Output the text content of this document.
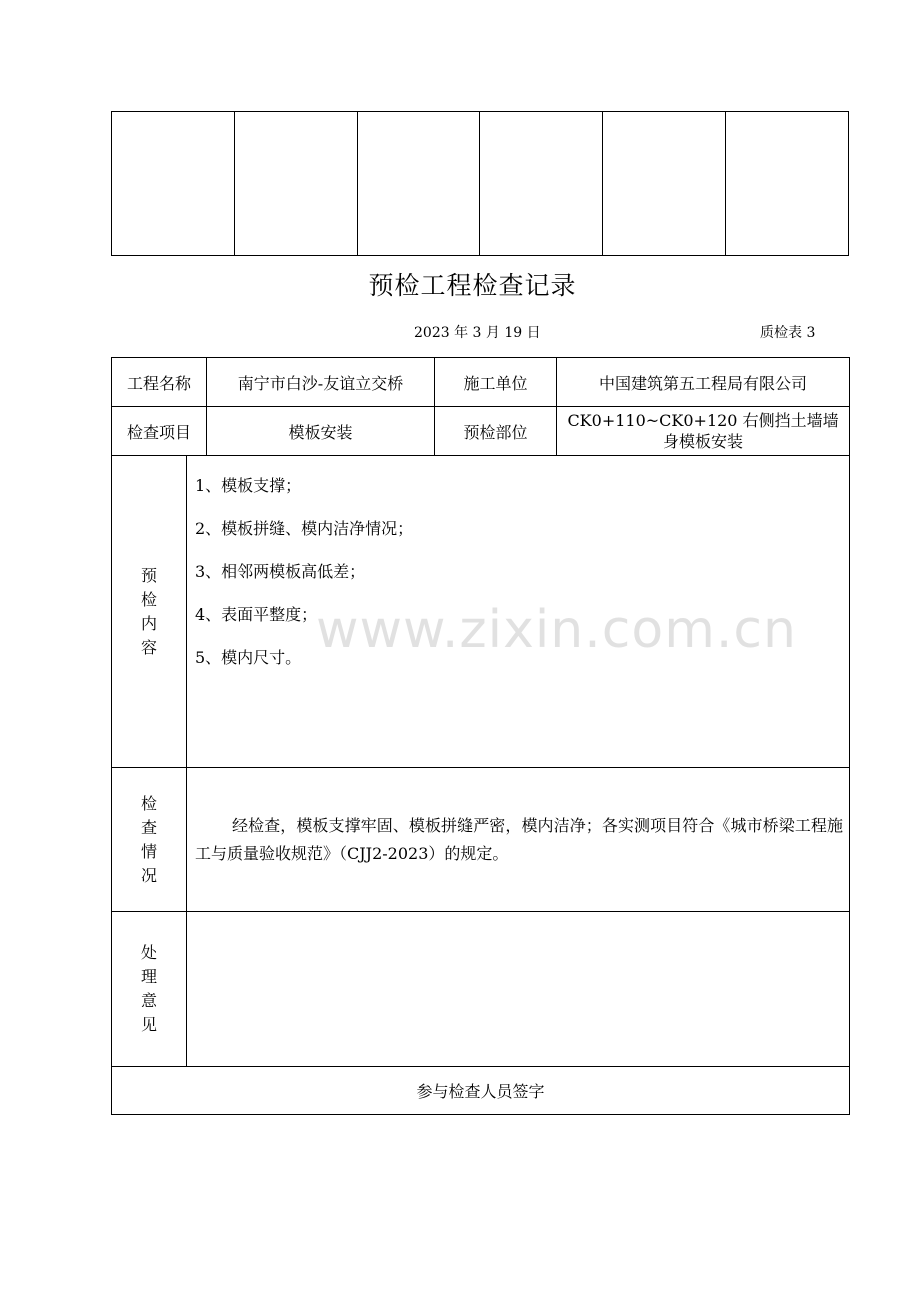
预检工程检查记录
2023 年 3 月 19 日	质检表 3
工程名称		南宁市白沙-友谊立交桥	施工单位	中国建筑第五工程局有限公司
检查项目		模板安装	预检部位	CK0+110~CK0+120 右侧挡土墙墙身模板安装
预检内容	1、模板支撑；
2、模板拼缝、模内洁净情况；
3、相邻两模板高低差；
4、表面平整度；
5、模内尺寸。			

检查情况	经检查，模板支撑牢固、模板拼缝严密，模内洁净；各实测项目符合《城市桥梁工程施工与质量验收规范》（CJJ2-2023）的规定。			

处理意见				
参与检查人员签字				
www.zixin.com.cn
